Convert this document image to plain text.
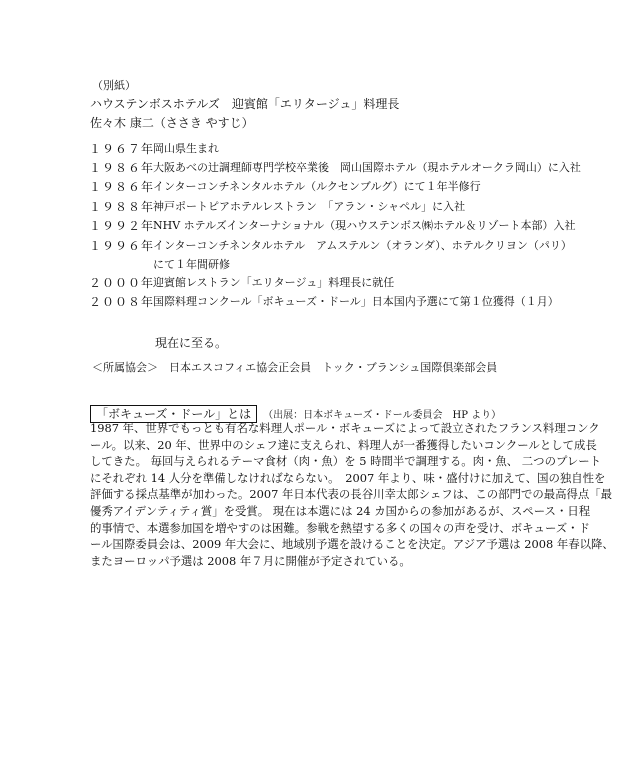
（別紙）
ハウステンボスホテルズ　迎賓館「エリタージュ」料理長
佐々木 康二（ささき やすじ）
１９６７年
岡山県生まれ
１９８６年
大阪あべの辻調理師専門学校卒業後　岡山国際ホテル（現ホテルオークラ岡山）に入社
１９８６年
インターコンチネンタルホテル（ルクセンブルグ）にて１年半修行
１９８８年
神戸ポートピアホテルレストラン　「アラン・シャペル」に入社
１９９２年
NHV ホテルズインターナショナル（現ハウステンボス㈱ホテル＆リゾート本部）入社
１９９６年
インターコンチネンタルホテル　アムステルン（オランダ）、ホテルクリヨン（パリ）
にて１年間研修
２０００年
迎賓館レストラン「エリタージュ」料理長に就任
２００８年
国際料理コンクール「ボキューズ・ドール」日本国内予選にて第１位獲得（１月）
現在に至る。
＜所属協会＞　日本エスコフィエ協会正会員　トック・ブランシュ国際倶楽部会員
「ボキューズ・ドール」とは （出展：日本ボキューズ・ドール委員会　HP より）
1987 年、世界でもっとも有名な料理人ポール・ボキューズによって設立されたフランス料理コンク
ール。以来、20 年、世界中のシェフ達に支えられ、料理人が一番獲得したいコンクールとして成長
してきた。 毎回与えられるテーマ食材（肉・魚）を 5 時間半で調理する。肉・魚、 二つのプレート
にそれぞれ 14 人分を準備しなければならない。　2007 年より、味・盛付けに加えて、国の独自性を
評価する採点基準が加わった。2007 年日本代表の長谷川幸太郎シェフは、この部門での最高得点「最
優秀アイデンティティ賞」を受賞。 現在は本選には 24 カ国からの参加があるが、スペース・日程
的事情で、本選参加国を増やすのは困難。参戦を熱望する多くの国々の声を受け、ボキューズ・ド
ール国際委員会は、2009 年大会に、地域別予選を設けることを決定。アジア予選は 2008 年春以降、
またヨーロッパ予選は 2008 年７月に開催が予定されている。
